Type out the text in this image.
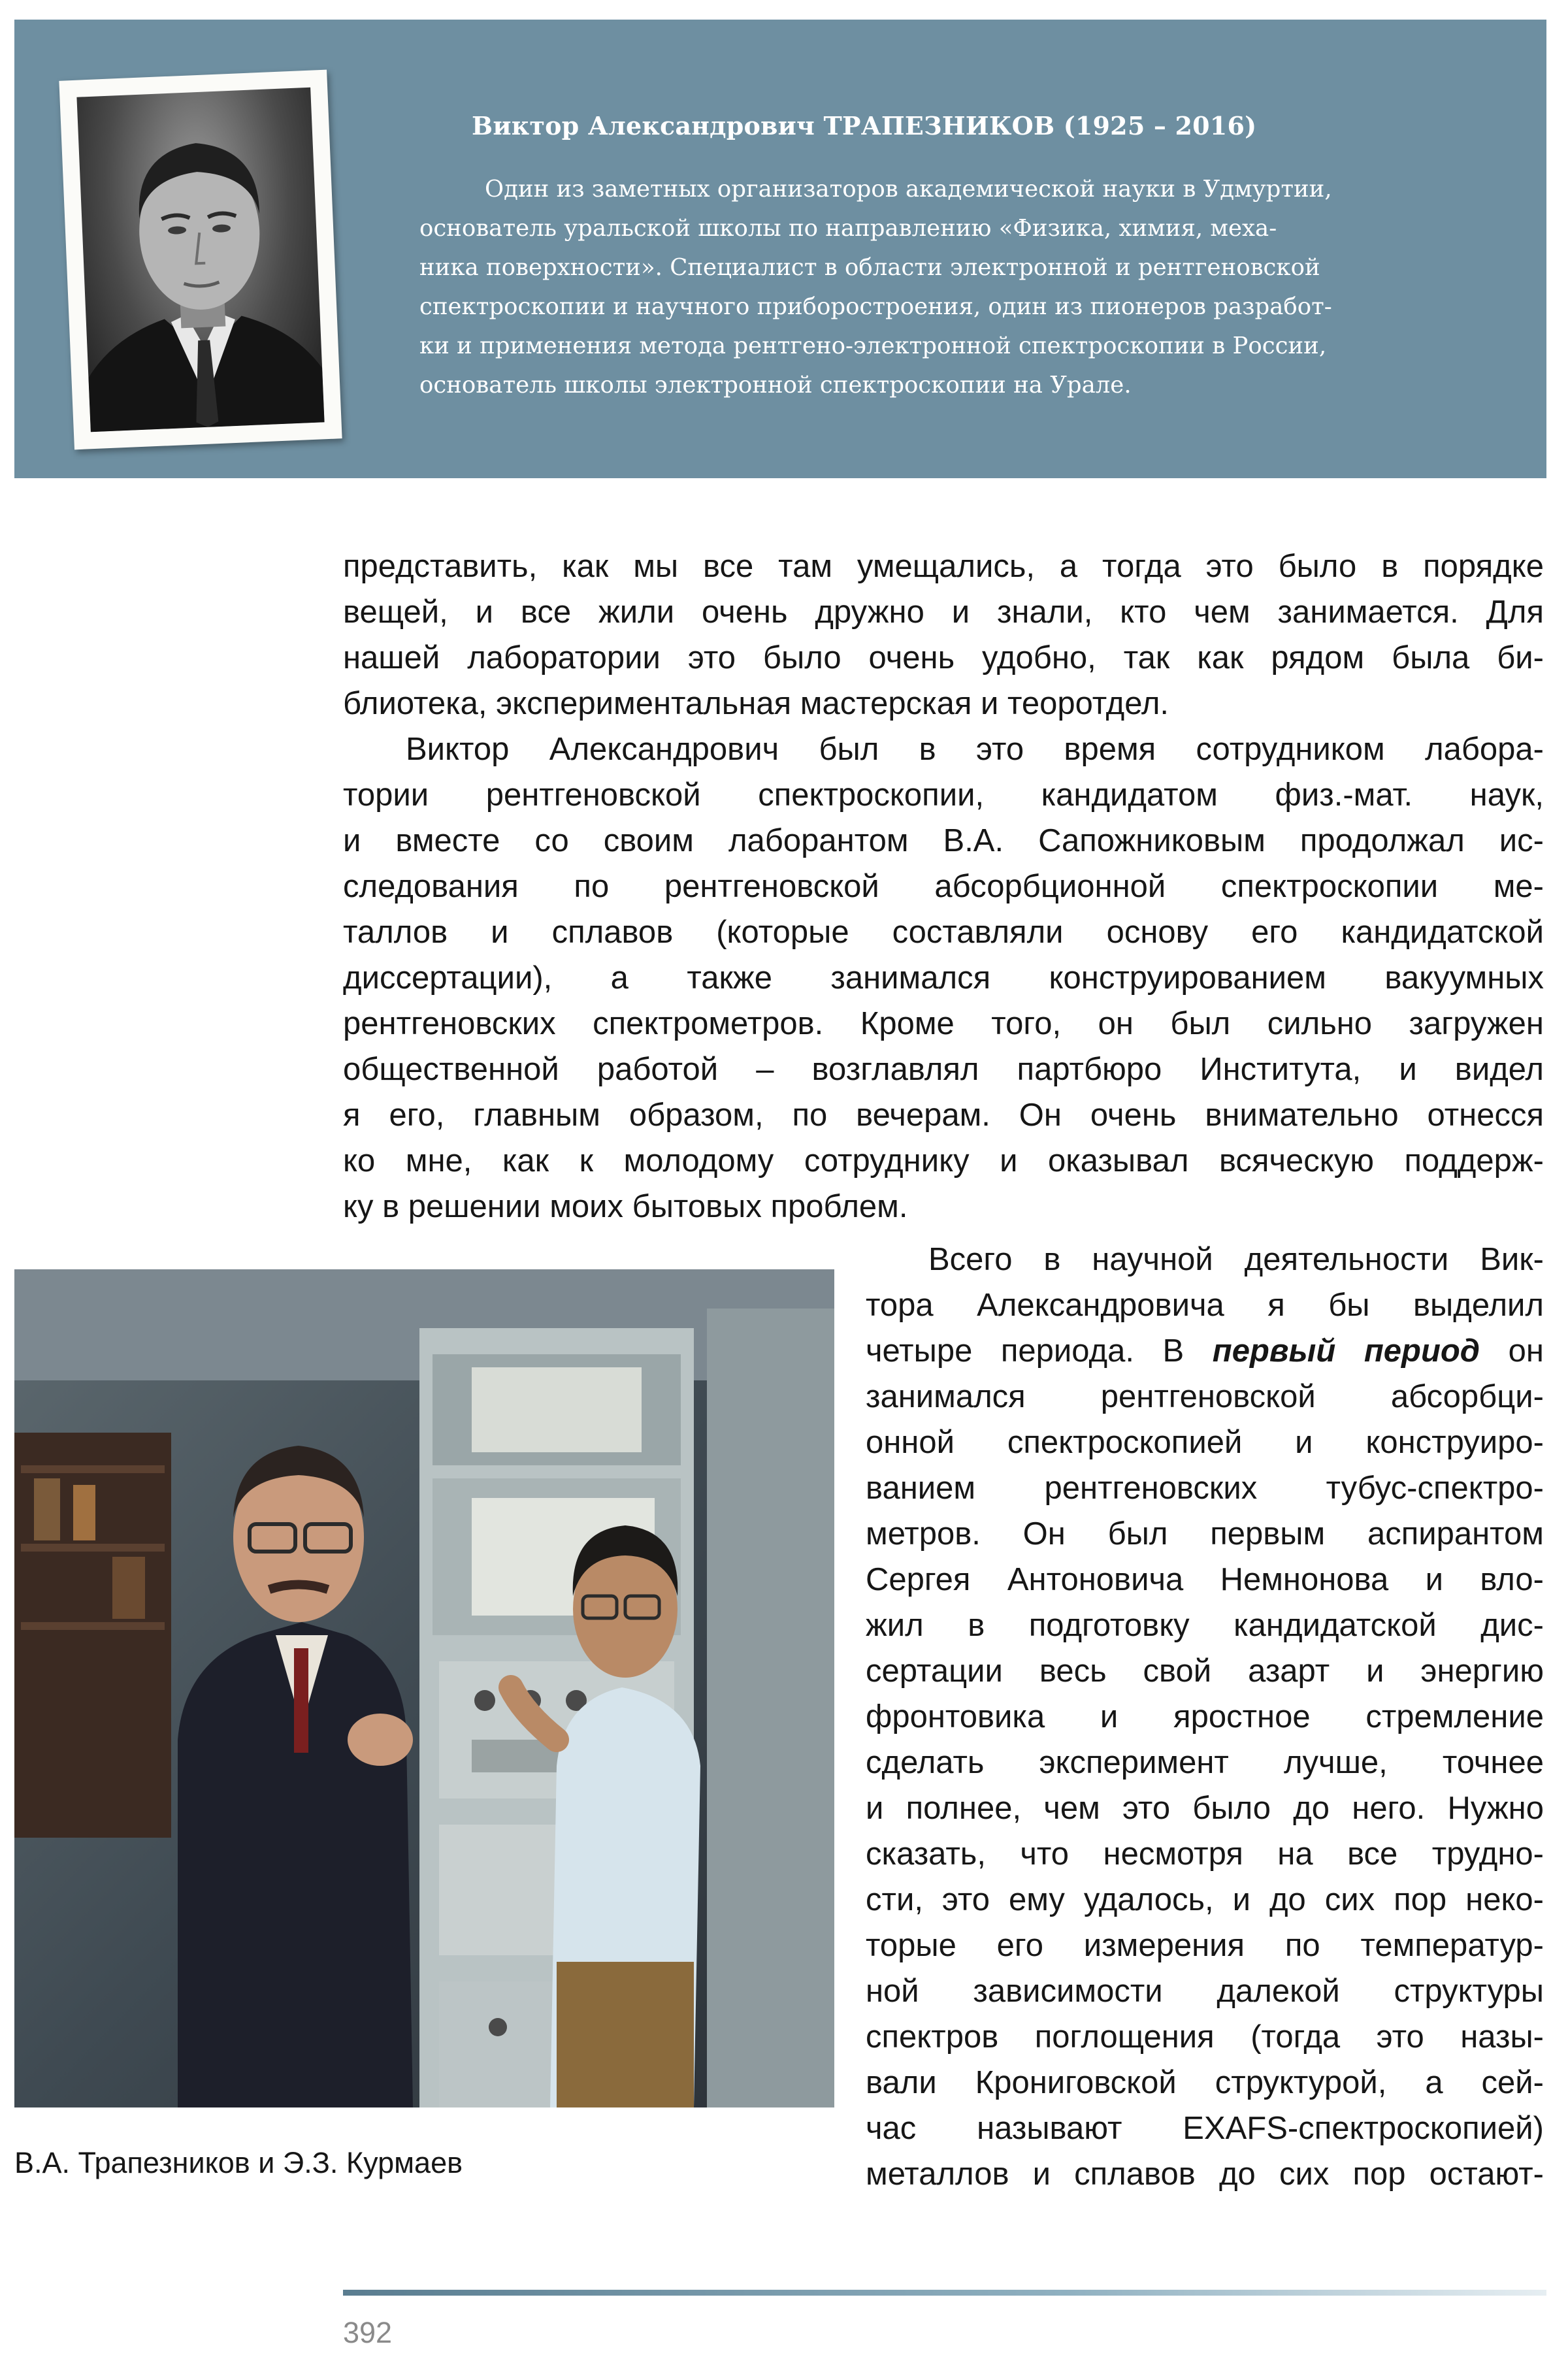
Виктор Александрович ТРАПЕЗНИКОВ (1925 – 2016)
Один из заметных организаторов академической науки в Удмуртии,
основатель уральской школы по направлению «Физика, химия, меха-
ника поверхности». Специалист в области электронной и рентгеновской
спектроскопии и научного приборостроения, один из пионеров разработ-
ки и применения метода рентгено-электронной спектроскопии в России,
основатель школы электронной спектроскопии на Урале.
представить, как мы все там умещались, а тогда это было в порядке
вещей, и все жили очень дружно и знали, кто чем занимается. Для
нашей лаборатории это было очень удобно, так как рядом была би-
блиотека, экспериментальная мастерская и теоротдел.
Виктор Александрович был в это время сотрудником лабора-
тории рентгеновской спектроскопии, кандидатом физ.-мат. наук,
и вместе со своим лаборантом В.А. Сапожниковым продолжал ис-
следования по рентгеновской абсорбционной спектроскопии ме-
таллов и сплавов (которые составляли основу его кандидатской
диссертации), а также занимался конструированием вакуумных
рентгеновских спектрометров. Кроме того, он был сильно загружен
общественной работой – возглавлял партбюро Института, и видел
я его, главным образом, по вечерам. Он очень внимательно отнесся
ко мне, как к молодому сотруднику и оказывал всяческую поддерж-
ку в решении моих бытовых проблем.

В.А. Трапезников и Э.З. Курмаев

Всего в научной деятельности Вик-
тора Александровича я бы выделил
четыре периода. В первый период он
занимался рентгеновской абсорбци-
онной спектроскопией и конструиро-
ванием рентгеновских тубус-спектро-
метров. Он был первым аспирантом
Сергея Антоновича Немнонова и вло-
жил в подготовку кандидатской дис-
сертации весь свой азарт и энергию
фронтовика и яростное стремление
сделать эксперимент лучше, точнее
и полнее, чем это было до него. Нужно
сказать, что несмотря на все трудно-
сти, это ему удалось, и до сих пор неко-
торые его измерения по температур-
ной зависимости далекой структуры
спектров поглощения (тогда это назы-
вали Крониговской структурой, а сей-
час называют EXAFS-спектроскопией)
металлов и сплавов до сих пор остают-

392
